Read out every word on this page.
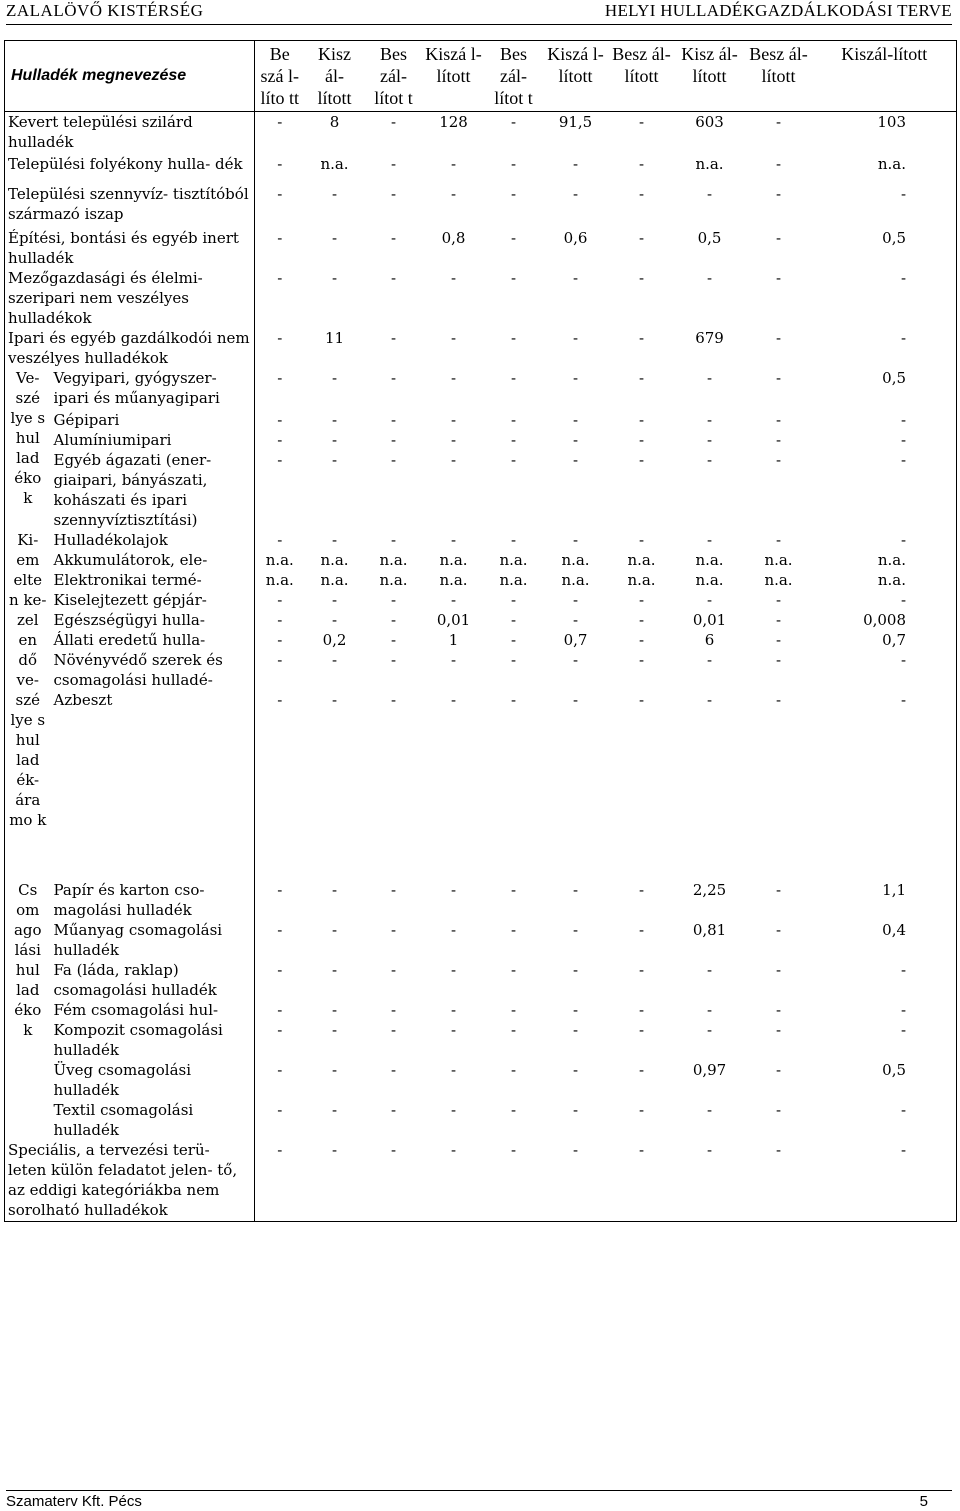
ZALALÖVŐ KISTÉRSÉG	HELYI HULLADÉKGAZDÁLKODÁSI TERVE
Hulladék megnevezése		Be szá l- líto tt	Kisz ál- lított	Bes zál- lítot t	Kiszá l- lított	Bes zál- lítot t	Kiszá l- lított	Besz ál- lított	Kisz ál- lított	Besz ál- lított	Kiszál-lított
Kevert települési szilárd hulladék		-	8	-	128	-	91,5	-	603	-	103
Települési folyékony hulla- dék		-	n.a.	-	-	-	-	-	n.a.	-	n.a.
Települési szennyvíz- tisztítóból származó iszap		-	-	-	-	-	-	-	-	-	-
Építési, bontási és egyéb inert hulladék		-	-	-	0,8	-	0,6	-	0,5	-	0,5
Mezőgazdasági és élelmi- szeripari nem veszélyes hulladékok		-	-	-	-	-	-	-	-	-	-
Ipari és egyéb gazdálkodói nem veszélyes hulladékok		-	11	-	-	-	-	-	679	-	-
Ve- szé lye s hul lad éko k	Vegyipari, gyógyszer- ipari és műanyagipari	-	-	-	-	-	-	-	-	-	0,5
	Gépipari	-	-	-	-	-	-	-	-	-	-
	Alumíniumipari	-	-	-	-	-	-	-	-	-	-
	Egyéb ágazati (ener- giaipari, bányászati, kohászati és ipari szennyvíztisztítási)	-	-	-	-	-	-	-	-	-	-
Ki- em elte n ke- zel en dő ve- szé lye s hul lad ék- ára mo k	Hulladékolajok	-	-	-	-	-	-	-	-	-	-
	Akkumulátorok, ele-	n.a.	n.a.	n.a.	n.a.	n.a.	n.a.	n.a.	n.a.	n.a.	n.a.
	Elektronikai termé-	n.a.	n.a.	n.a.	n.a.	n.a.	n.a.	n.a.	n.a.	n.a.	n.a.
	Kiselejtezett gépjár-	-	-	-	-	-	-	-	-	-	-
	Egészségügyi hulla-	-	-	-	0,01	-	-	-	0,01	-	0,008
	Állati eredetű hulla-	-	0,2	-	1	-	0,7	-	6	-	0,7
	Növényvédő szerek és csomagolási hulladé-	-	-	-	-	-	-	-	-	-	-
	Azbeszt	-	-	-	-	-	-	-	-	-	-
Cs om ago lási hul lad éko k	Papír és karton cso- magolási hulladék	-	-	-	-	-	-	-	2,25	-	1,1
	Műanyag csomagolási hulladék	-	-	-	-	-	-	-	0,81	-	0,4
	Fa (láda, raklap) csomagolási hulladék	-	-	-	-	-	-	-	-	-	-
	Fém csomagolási hul-	-	-	-	-	-	-	-	-	-	-
	Kompozit csomagolási hulladék	-	-	-	-	-	-	-	-	-	-
	Üveg csomagolási hulladék	-	-	-	-	-	-	-	0,97	-	0,5
	Textil csomagolási hulladék	-	-	-	-	-	-	-	-	-	-
Speciális, a tervezési terü- leten külön feladatot jelen- tő, az eddigi kategóriákba nem sorolható hulladékok		-	-	-	-	-	-	-	-	-	-
Szamaterv Kft. Pécs	5
